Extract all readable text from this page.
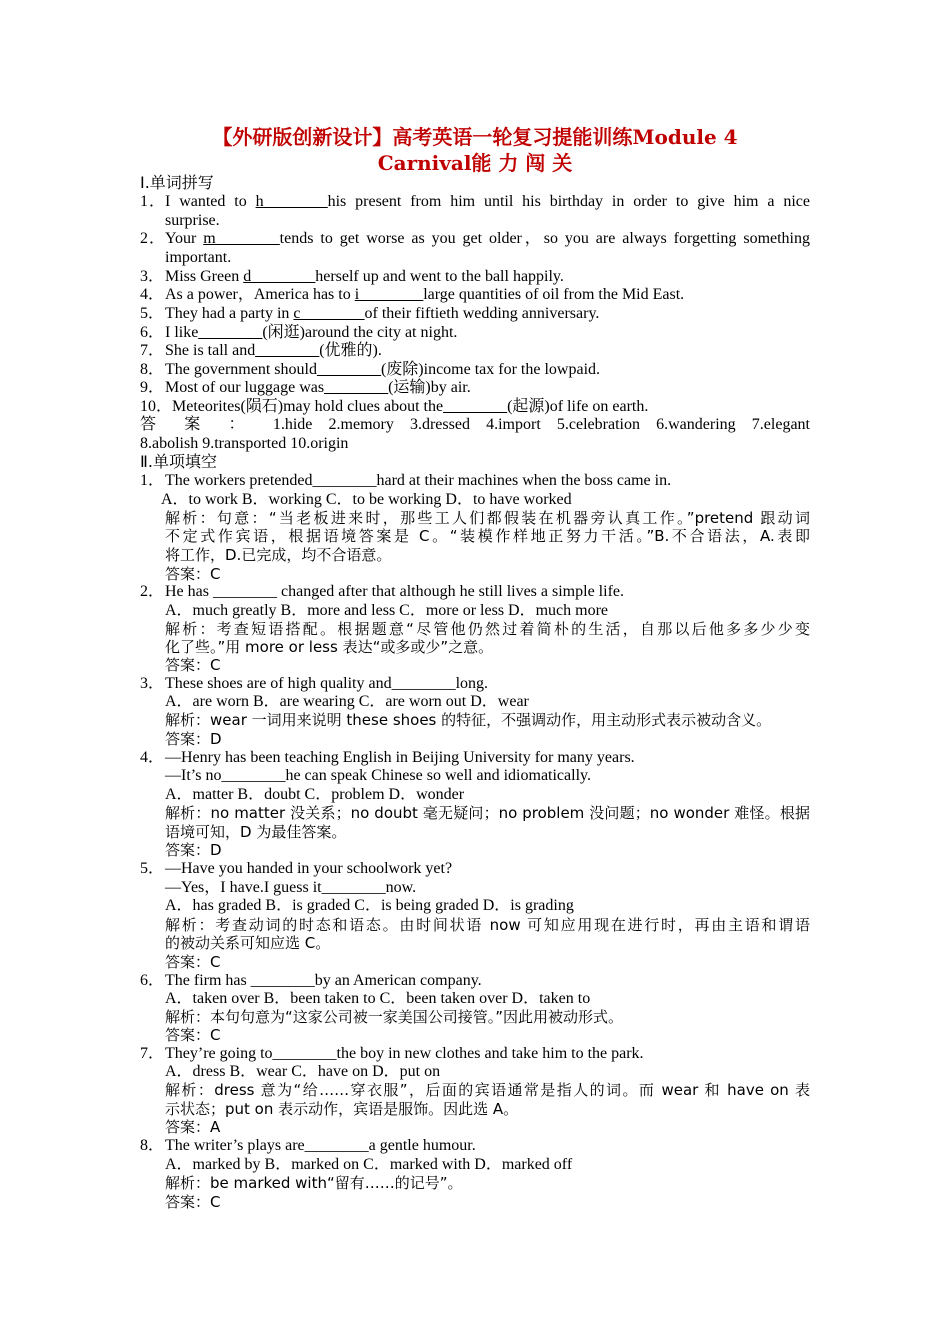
【外研版创新设计】高考英语一轮复习提能训练Module 4
Carnival能 力 闯 关
Ⅰ.单词拼写
1．I wanted to h________his present from him until his birthday in order to give him a nice
surprise.
2．Your m________tends to get worse as you get older，so you are always forgetting something
important.
3．Miss Green d________herself up and went to the ball happily.
4．As a power，America has to i________large quantities of oil from the Mid East.
5．They had a party in c________of their fiftieth wedding anniversary.
6．I like________(闲逛)around the city at night.
7．She is tall and________(优雅的).
8．The government should________(废除)income tax for the lowpaid.
9．Most of our luggage was________(运输)by air.
10．Meteorites(陨石)may hold clues about the________(起源)of life on earth.
答 案 ： 1.hide 2.memory 3.dressed 4.import 5.celebration 6.wandering 7.elegant
8.abolish 9.transported 10.origin
Ⅱ.单项填空
1．The workers pretended________hard at their machines when the boss came in.
A．to work B．working C．to be working D．to have worked
解析：句意：“当老板进来时，那些工人们都假装在机器旁认真工作。”pretend 跟动词
不定式作宾语，根据语境答案是 C。“装模作样地正努力干活。”B.不合语法，A.表即
将工作，D.已完成，均不合语意。
答案：C
2．He has ________ changed after that although he still lives a simple life.
A．much greatly B．more and less C．more or less D．much more
解析：考查短语搭配。根据题意“尽管他仍然过着简朴的生活，自那以后他多多少少变
化了些。”用 more or less 表达“或多或少”之意。
答案：C
3．These shoes are of high quality and________long.
A．are worn B．are wearing C．are worn out D．wear
解析：wear 一词用来说明 these shoes 的特征，不强调动作，用主动形式表示被动含义。
答案：D
4．—Henry has been teaching English in Beijing University for many years.
—It’s no________he can speak Chinese so well and idiomatically.
A．matter B．doubt C．problem D．wonder
解析：no matter 没关系；no doubt 毫无疑问；no problem 没问题；no wonder 难怪。根据
语境可知，D 为最佳答案。
答案：D
5．—Have you handed in your schoolwork yet?
—Yes，I have.I guess it________now.
A．has graded B．is graded C．is being graded D．is grading
解析：考查动词的时态和语态。由时间状语 now 可知应用现在进行时，再由主语和谓语
的被动关系可知应选 C。
答案：C
6．The firm has ________by an American company.
A．taken over B．been taken to C．been taken over D．taken to
解析：本句句意为“这家公司被一家美国公司接管。”因此用被动形式。
答案：C
7．They’re going to________the boy in new clothes and take him to the park.
A．dress B．wear C．have on D．put on
解析：dress 意为“给……穿衣服”，后面的宾语通常是指人的词。而 wear 和 have on 表
示状态；put on 表示动作，宾语是服饰。因此选 A。
答案：A
8．The writer’s plays are________a gentle humour.
A．marked by B．marked on C．marked with D．marked off
解析：be marked with“留有……的记号”。
答案：C
